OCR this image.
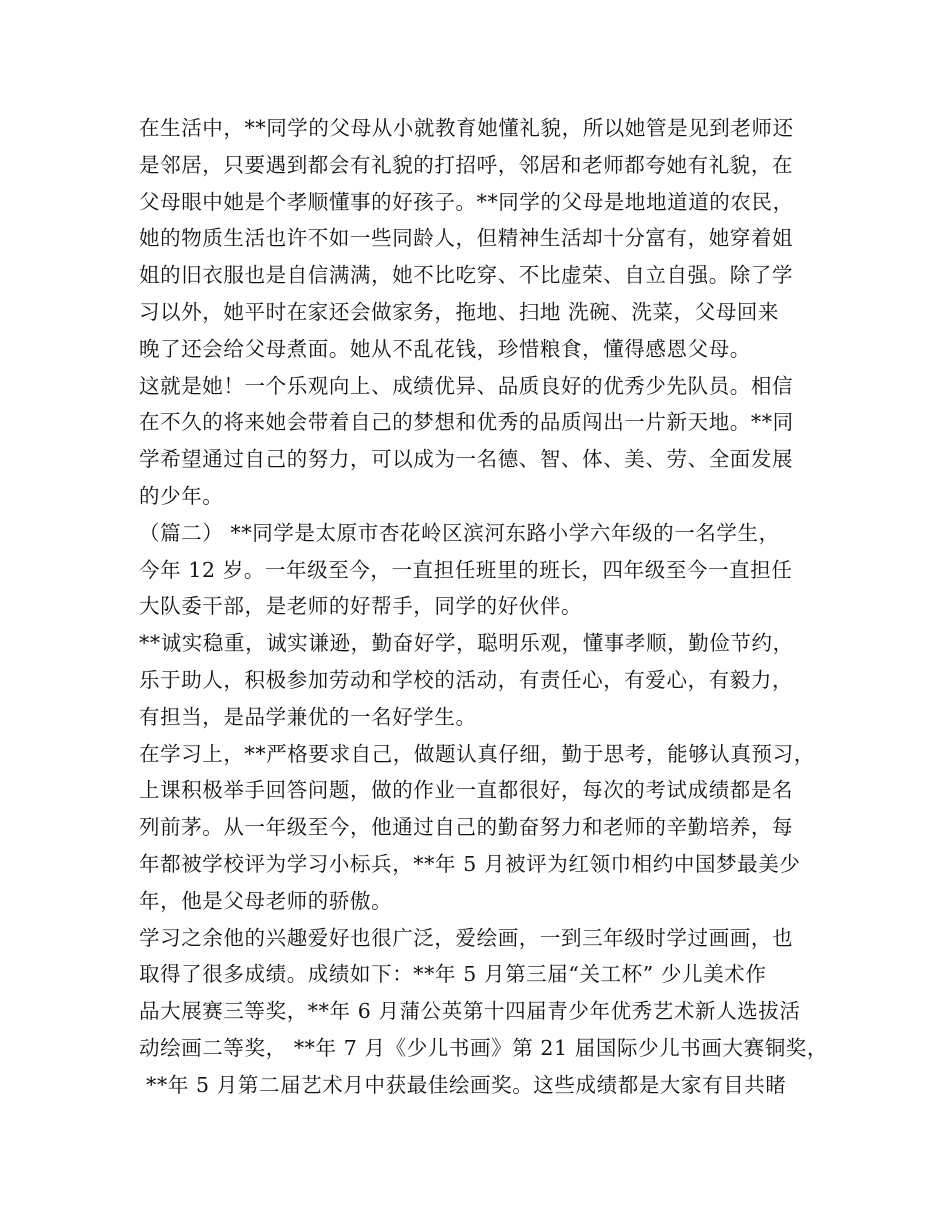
在生活中，**同学的父母从小就教育她懂礼貌，所以她管是见到老师还
是邻居，只要遇到都会有礼貌的打招呼，邻居和老师都夸她有礼貌，在
父母眼中她是个孝顺懂事的好孩子。**同学的父母是地地道道的农民，
她的物质生活也许不如一些同龄人，但精神生活却十分富有，她穿着姐
姐的旧衣服也是自信满满，她不比吃穿、不比虚荣、自立自强。除了学
习以外，她平时在家还会做家务，拖地、扫地 洗碗、洗菜，父母回来
晚了还会给父母煮面。她从不乱花钱，珍惜粮食，懂得感恩父母。
这就是她！一个乐观向上、成绩优异、品质良好的优秀少先队员。相信
在不久的将来她会带着自己的梦想和优秀的品质闯出一片新天地。**同
学希望通过自己的努力，可以成为一名德、智、体、美、劳、全面发展
的少年。
（篇二） **同学是太原市杏花岭区滨河东路小学六年级的一名学生，
今年 12 岁。一年级至今，一直担任班里的班长，四年级至今一直担任
大队委干部，是老师的好帮手，同学的好伙伴。
**诚实稳重，诚实谦逊，勤奋好学，聪明乐观，懂事孝顺，勤俭节约，
乐于助人，积极参加劳动和学校的活动，有责任心，有爱心，有毅力，
有担当，是品学兼优的一名好学生。
在学习上，**严格要求自己，做题认真仔细，勤于思考，能够认真预习，
上课积极举手回答问题，做的作业一直都很好，每次的考试成绩都是名
列前茅。从一年级至今，他通过自己的勤奋努力和老师的辛勤培养，每
年都被学校评为学习小标兵，**年 5 月被评为红领巾相约中国梦最美少
年，他是父母老师的骄傲。
学习之余他的兴趣爱好也很广泛，爱绘画，一到三年级时学过画画，也
取得了很多成绩。成绩如下：**年 5 月第三届“关工杯” 少儿美术作
品大展赛三等奖，**年 6 月蒲公英第十四届青少年优秀艺术新人选拔活
动绘画二等奖， **年 7 月《少儿书画》第 21 届国际少儿书画大赛铜奖，
**年 5 月第二届艺术月中获最佳绘画奖。这些成绩都是大家有目共睹
